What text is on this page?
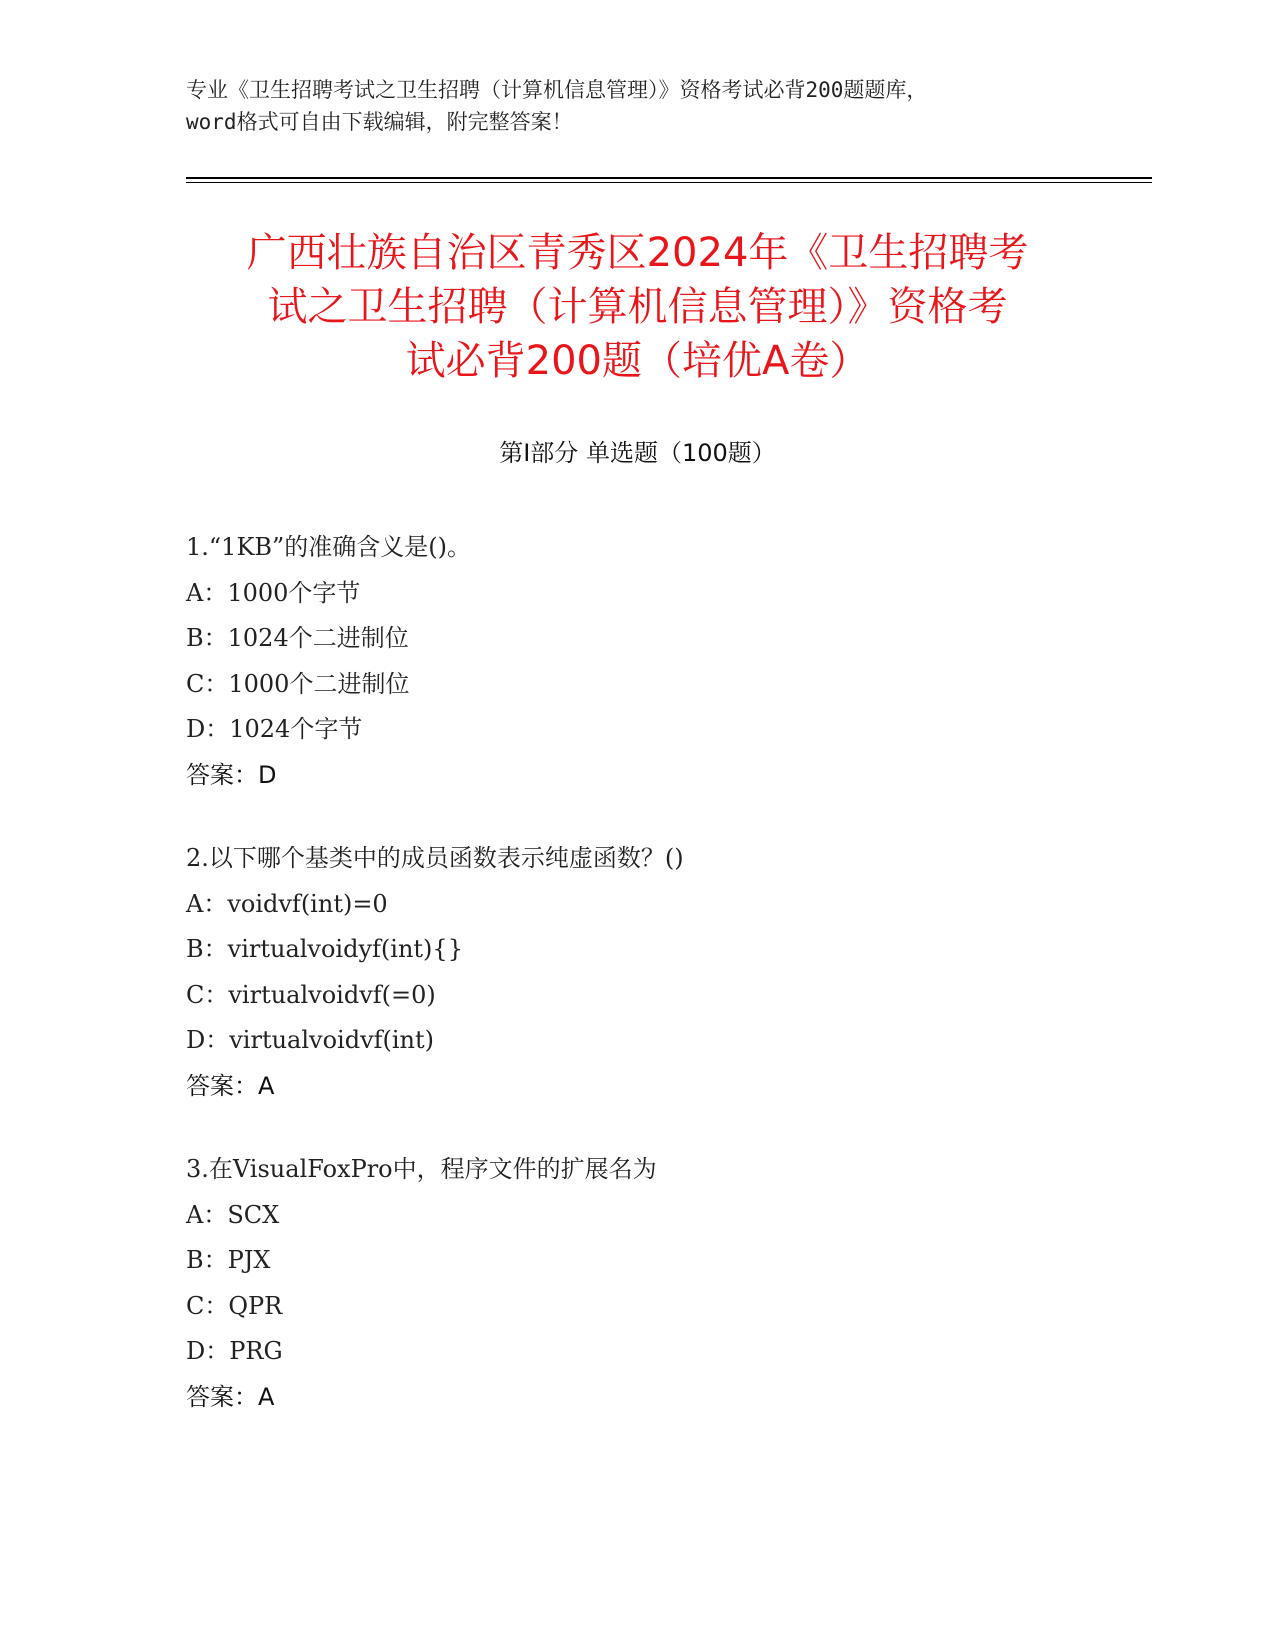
专业《卫生招聘考试之卫生招聘（计算机信息管理）》资格考试必背200题题库，
word格式可自由下载编辑，附完整答案！
广西壮族自治区青秀区2024年《卫生招聘考
试之卫生招聘（计算机信息管理）》资格考
试必背200题（培优A卷）
第Ⅰ部分 单选题（100题）
1.“1KB”的准确含义是()。
A：1000个字节
B：1024个二进制位
C：1000个二进制位
D：1024个字节
答案：D
2.以下哪个基类中的成员函数表示纯虚函数？()
A：voidvf(int)=0
B：virtualvoidyf(int){}
C：virtualvoidvf(=0)
D：virtualvoidvf(int)
答案：A
3.在VisualFoxPro中，程序文件的扩展名为
A：SCX
B：PJX
C：QPR
D：PRG
答案：A
